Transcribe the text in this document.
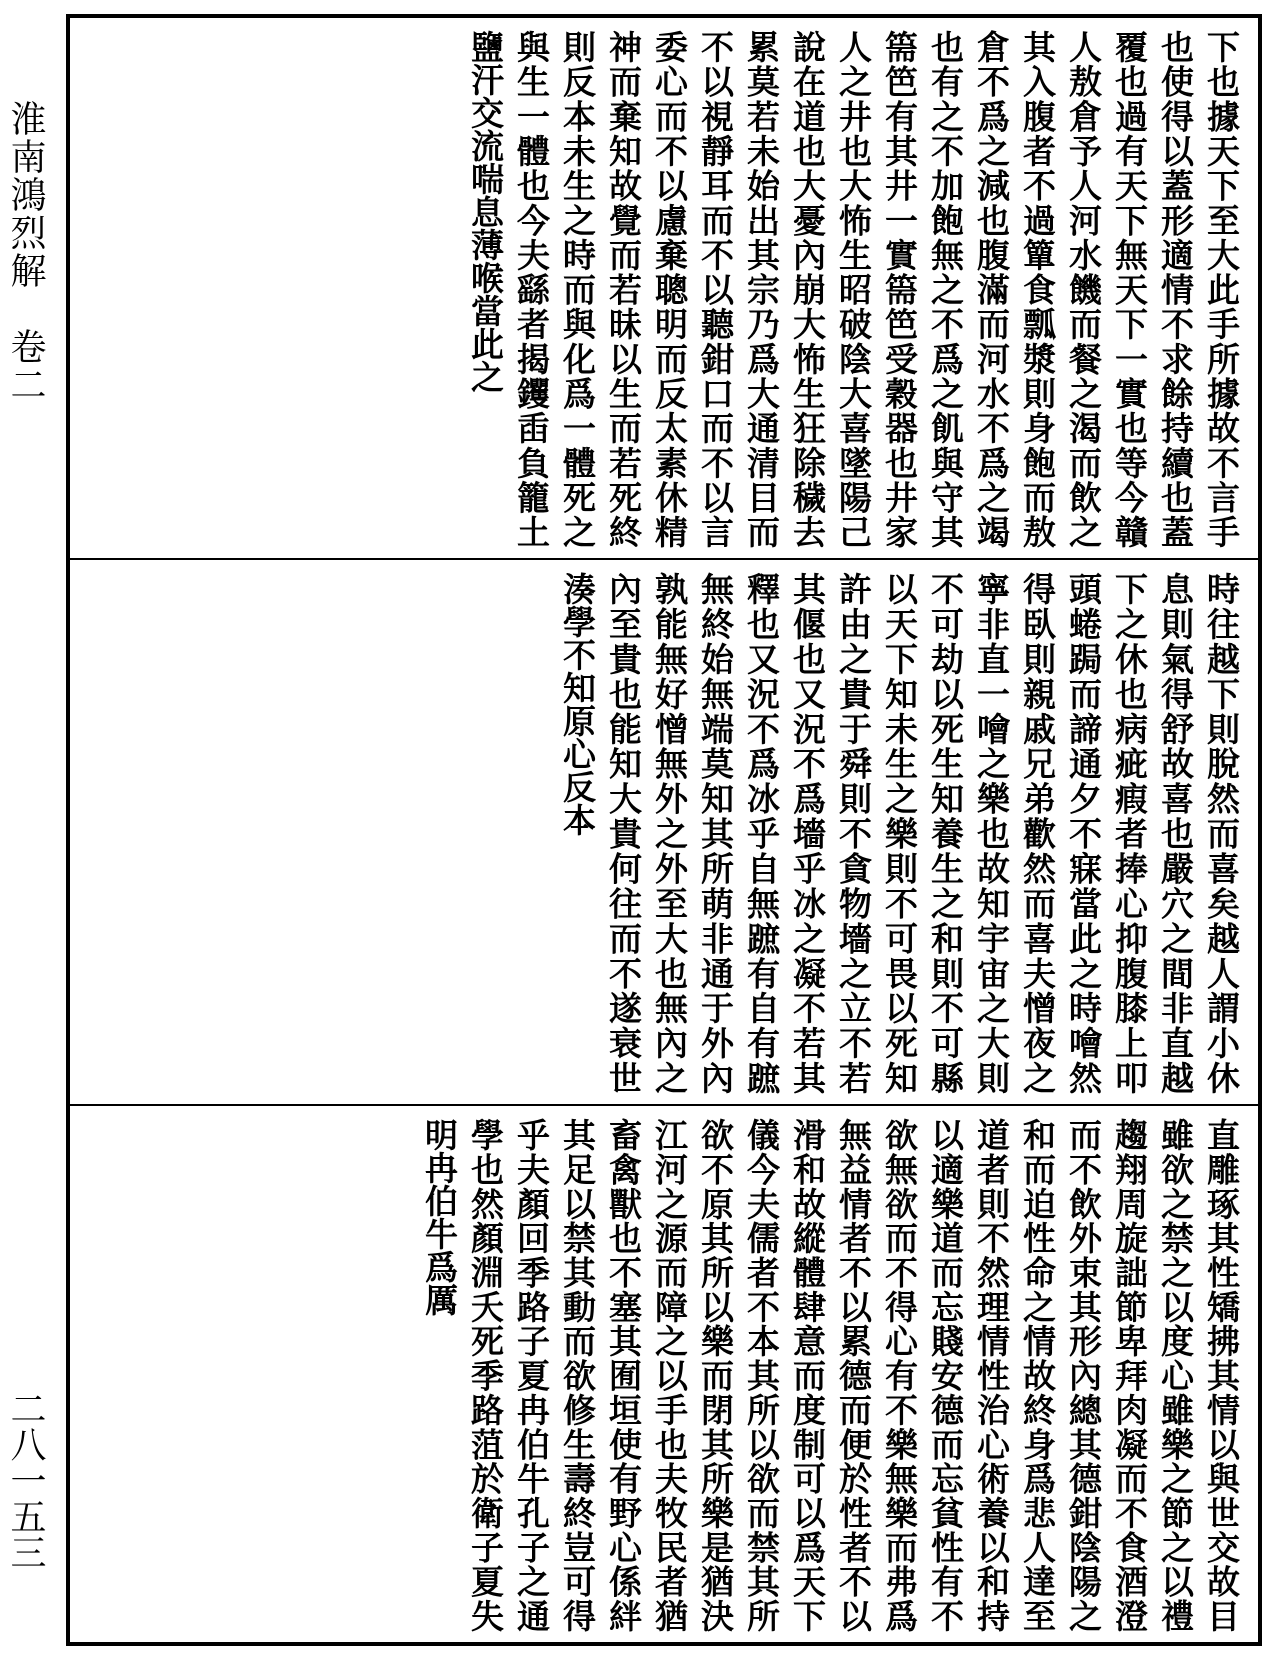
淮南鴻烈解　卷二
二八一五三
下也據天下至大此手所據故不言手也使得以蓋形適情不求餘持續也蓋覆也過有天下無天下一實也等今贛人敖倉予人河水饑而餐之渴而飲之其入腹者不過簞食瓢漿則身飽而敖倉不爲之減也腹滿而河水不爲之竭也有之不加飽無之不爲之飢與守其篅笆有其井一實篅笆受穀器也井家人之井也大怖生昭破陰大喜墜陽己說在道也大憂內崩大怖生狂除穢去累莫若未始出其宗乃爲大通清目而不以視靜耳而不以聽鉗口而不以言委心而不以慮棄聰明而反太素休精神而棄知故覺而若昧以生而若死終則反本未生之時而與化爲一體死之與生一體也今夫繇者揭钁臿負籠土鹽汗交流喘息薄喉當此之
時往越下則脫然而喜矣越人謂小休息則氣得舒故喜也嚴穴之間非直越下之休也病疵瘕者捧心抑腹膝上叩頭蜷跼而諦通夕不寐當此之時噲然得臥則親戚兄弟歡然而喜夫憎夜之寧非直一噲之樂也故知宇宙之大則不可劫以死生知養生之和則不可縣以天下知未生之樂則不可畏以死知許由之貴于舜則不貪物墻之立不若其偃也又況不爲墻乎冰之凝不若其釋也又況不爲冰乎自無蹠有自有蹠無終始無端莫知其所萌非通于外內孰能無好憎無外之外至大也無內之內至貴也能知大貴何往而不遂衰世湊學不知原心反本
直雕琢其性矯拂其情以與世交故目雖欲之禁之以度心雖樂之節之以禮趨翔周旋詘節卑拜肉凝而不食酒澄而不飲外束其形內總其德鉗陰陽之和而迫性命之情故終身爲悲人達至道者則不然理情性治心術養以和持以適樂道而忘賤安德而忘貧性有不欲無欲而不得心有不樂無樂而弗爲無益情者不以累德而便於性者不以滑和故縱體肆意而度制可以爲天下儀今夫儒者不本其所以欲而禁其所欲不原其所以樂而閉其所樂是猶決江河之源而障之以手也夫牧民者猶畜禽獸也不塞其囿垣使有野心係絆其足以禁其動而欲修生壽終豈可得乎夫顏回季路子夏冉伯牛孔子之通學也然顏淵夭死季路菹於衛子夏失明冉伯牛爲厲
